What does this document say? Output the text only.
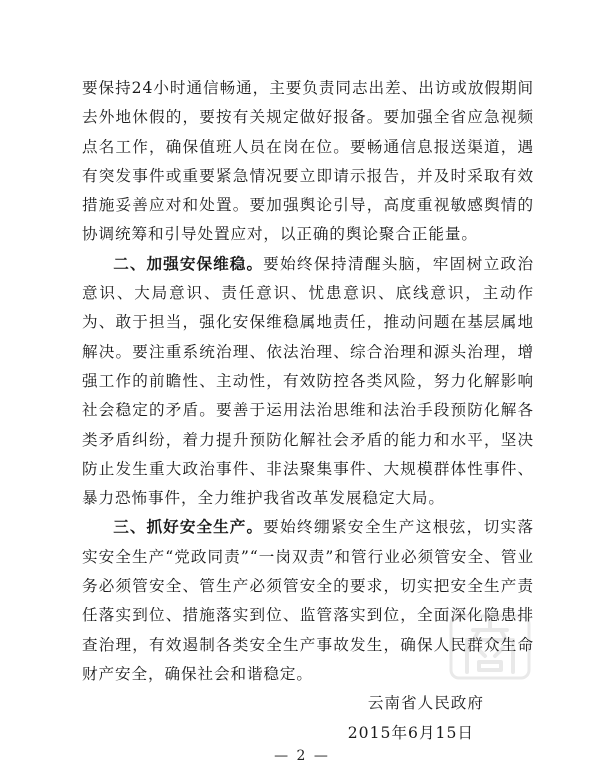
要保持24小时通信畅通，主要负责同志出差、出访或放假期间去外地休假的，要按有关规定做好报备。要加强全省应急视频点名工作，确保值班人员在岗在位。要畅通信息报送渠道，遇有突发事件或重要紧急情况要立即请示报告，并及时采取有效措施妥善应对和处置。要加强舆论引导，高度重视敏感舆情的协调统筹和引导处置应对，以正确的舆论聚合正能量。

二、加强安保维稳。要始终保持清醒头脑，牢固树立政治意识、大局意识、责任意识、忧患意识、底线意识，主动作为、敢于担当，强化安保维稳属地责任，推动问题在基层属地解决。要注重系统治理、依法治理、综合治理和源头治理，增强工作的前瞻性、主动性，有效防控各类风险，努力化解影响社会稳定的矛盾。要善于运用法治思维和法治手段预防化解各类矛盾纠纷，着力提升预防化解社会矛盾的能力和水平，坚决防止发生重大政治事件、非法聚集事件、大规模群体性事件、暴力恐怖事件，全力维护我省改革发展稳定大局。

三、抓好安全生产。要始终绷紧安全生产这根弦，切实落实安全生产“党政同责”“一岗双责”和管行业必须管安全、管业务必须管安全、管生产必须管安全的要求，切实把安全生产责任落实到位、措施落实到位、监管落实到位，全面深化隐患排查治理，有效遏制各类安全生产事故发生，确保人民群众生命财产安全，确保社会和谐稳定。

云南省人民政府
2015年6月15日
— 2 —
